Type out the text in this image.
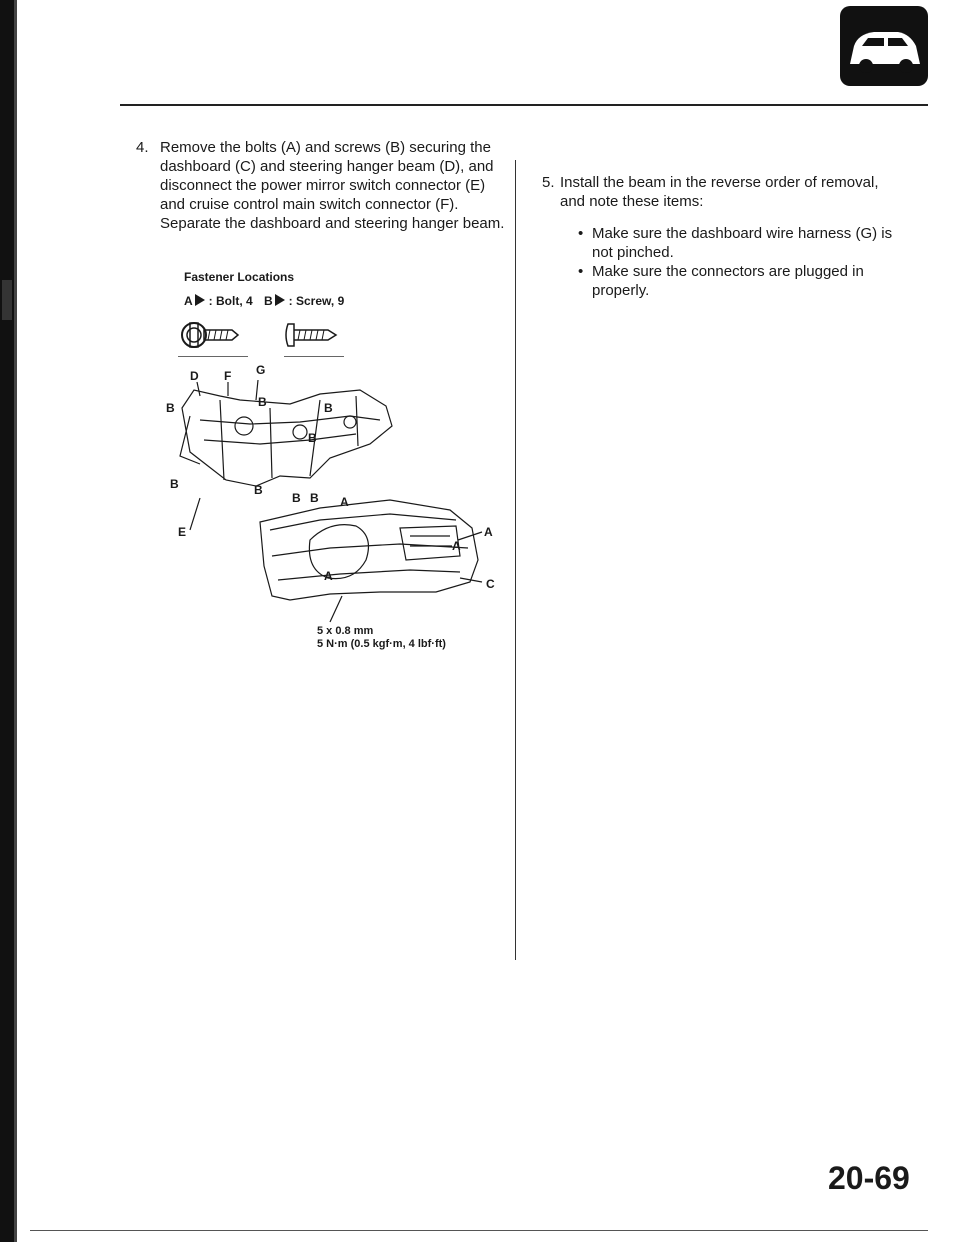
4. Remove the bolts (A) and screws (B) securing the dashboard (C) and steering hanger beam (D), and disconnect the power mirror switch connector (E) and cruise control main switch connector (F). Separate the dashboard and steering hanger beam.
Fastener Locations
A : Bolt, 4 B : Screw, 9
D F G
B	B	B
B
B	B
B B A
E
A
A
A
C
5 x 0.8 mm
5 N·m (0.5 kgf·m, 4 lbf·ft)
5. Install the beam in the reverse order of removal, and note these items:
• Make sure the dashboard wire harness (G) is not pinched.
• Make sure the connectors are plugged in properly.
20-69
